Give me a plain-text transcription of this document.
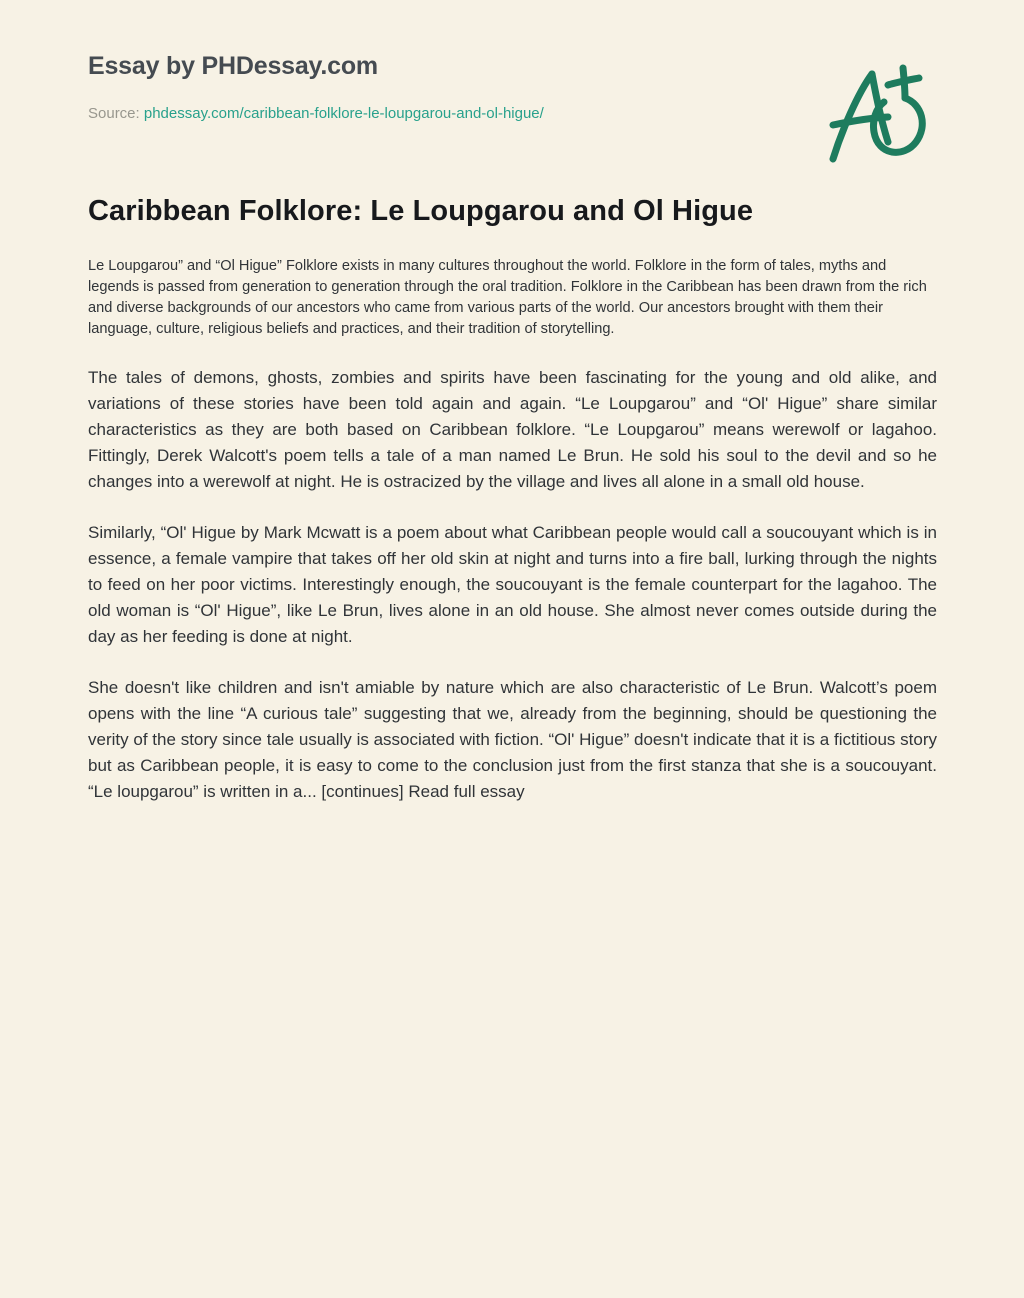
Essay by PHDessay.com
Source: phdessay.com/caribbean-folklore-le-loupgarou-and-ol-higue/
Caribbean Folklore: Le Loupgarou and Ol Higue

Le Loupgarou” and “Ol Higue” Folklore exists in many cultures throughout the world. Folklore in the form of tales, myths and legends is passed from generation to generation through the oral tradition. Folklore in the Caribbean has been drawn from the rich and diverse backgrounds of our ancestors who came from various parts of the world. Our ancestors brought with them their language, culture, religious beliefs and practices, and their tradition of storytelling.

The tales of demons, ghosts, zombies and spirits have been fascinating for the young and old alike, and variations of these stories have been told again and again. “Le Loupgarou” and “Ol' Higue” share similar characteristics as they are both based on Caribbean folklore. “Le Loupgarou” means werewolf or lagahoo. Fittingly, Derek Walcott's poem tells a tale of a man named Le Brun. He sold his soul to the devil and so he changes into a werewolf at night. He is ostracized by the village and lives all alone in a small old house.

Similarly, “Ol' Higue by Mark Mcwatt is a poem about what Caribbean people would call a soucouyant which is in essence, a female vampire that takes off her old skin at night and turns into a fire ball, lurking through the nights to feed on her poor victims. Interestingly enough, the soucouyant is the female counterpart for the lagahoo. The old woman is “Ol' Higue”, like Le Brun, lives alone in an old house. She almost never comes outside during the day as her feeding is done at night.

She doesn't like children and isn't amiable by nature which are also characteristic of Le Brun. Walcott’s poem opens with the line “A curious tale” suggesting that we, already from the beginning, should be questioning the verity of the story since tale usually is associated with fiction. “Ol' Higue” doesn't indicate that it is a fictitious story but as Caribbean people, it is easy to come to the conclusion just from the first stanza that she is a soucouyant. “Le loupgarou” is written in a... [continues] Read full essay
